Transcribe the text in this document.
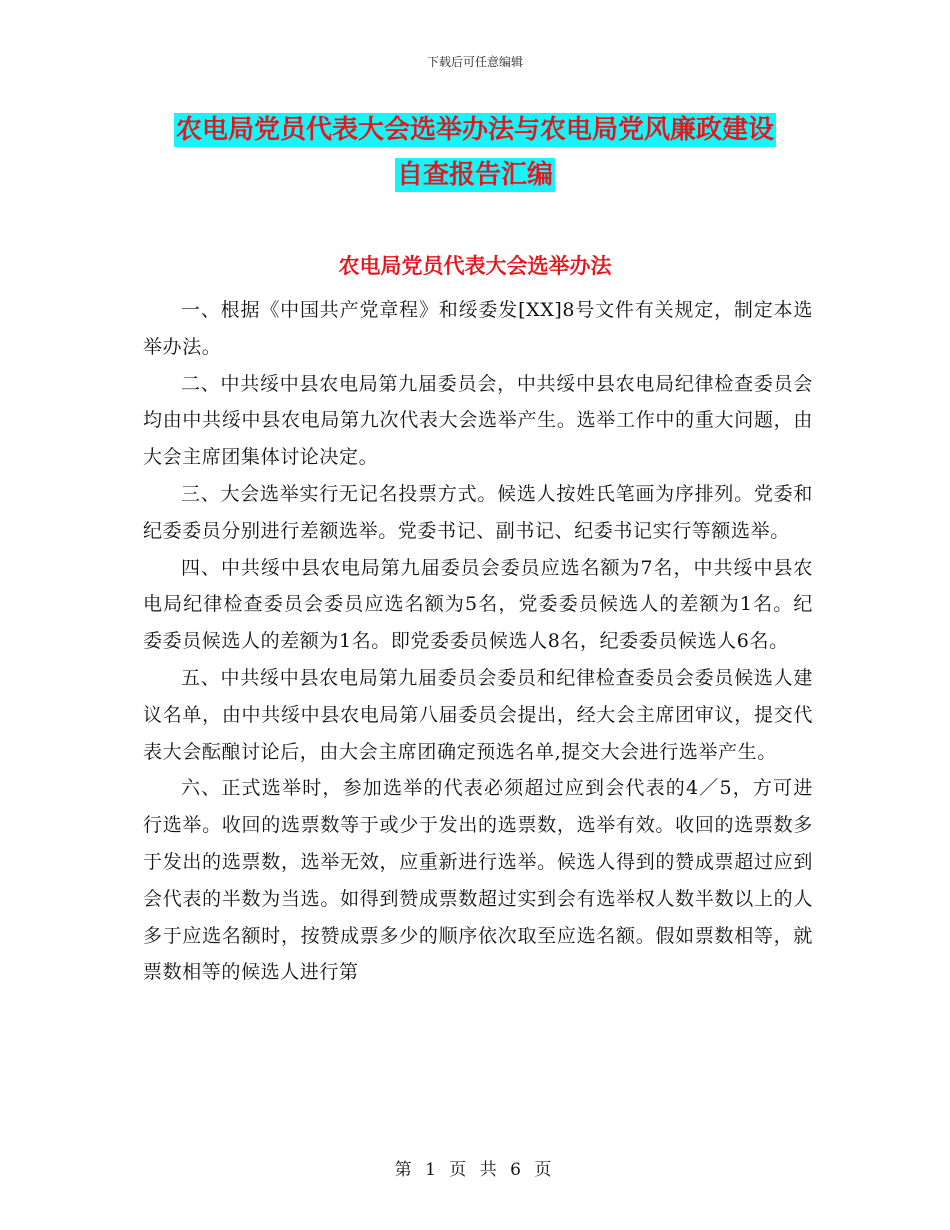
下载后可任意编辑
农电局党员代表大会选举办法与农电局党风廉政建设
自查报告汇编
农电局党员代表大会选举办法

一、根据《中国共产党章程》和绥委发[XX]8号文件有关规定，制定本选举办法。

二、中共绥中县农电局第九届委员会，中共绥中县农电局纪律检查委员会均由中共绥中县农电局第九次代表大会选举产生。选举工作中的重大问题，由大会主席团集体讨论决定。

三、大会选举实行无记名投票方式。候选人按姓氏笔画为序排列。党委和纪委委员分别进行差额选举。党委书记、副书记、纪委书记实行等额选举。

四、中共绥中县农电局第九届委员会委员应选名额为7名，中共绥中县农电局纪律检查委员会委员应选名额为5名，党委委员候选人的差额为1名。纪委委员候选人的差额为1名。即党委委员候选人8名，纪委委员候选人6名。

五、中共绥中县农电局第九届委员会委员和纪律检查委员会委员候选人建议名单，由中共绥中县农电局第八届委员会提出，经大会主席团审议，提交代表大会酝酿讨论后，由大会主席团确定预选名单,提交大会进行选举产生。

六、正式选举时，参加选举的代表必须超过应到会代表的4／5，方可进行选举。收回的选票数等于或少于发出的选票数，选举有效。收回的选票数多于发出的选票数，选举无效，应重新进行选举。候选人得到的赞成票超过应到会代表的半数为当选。如得到赞成票数超过实到会有选举权人数半数以上的人多于应选名额时，按赞成票多少的顺序依次取至应选名额。假如票数相等，就票数相等的候选人进行第

第 1 页 共 6 页
